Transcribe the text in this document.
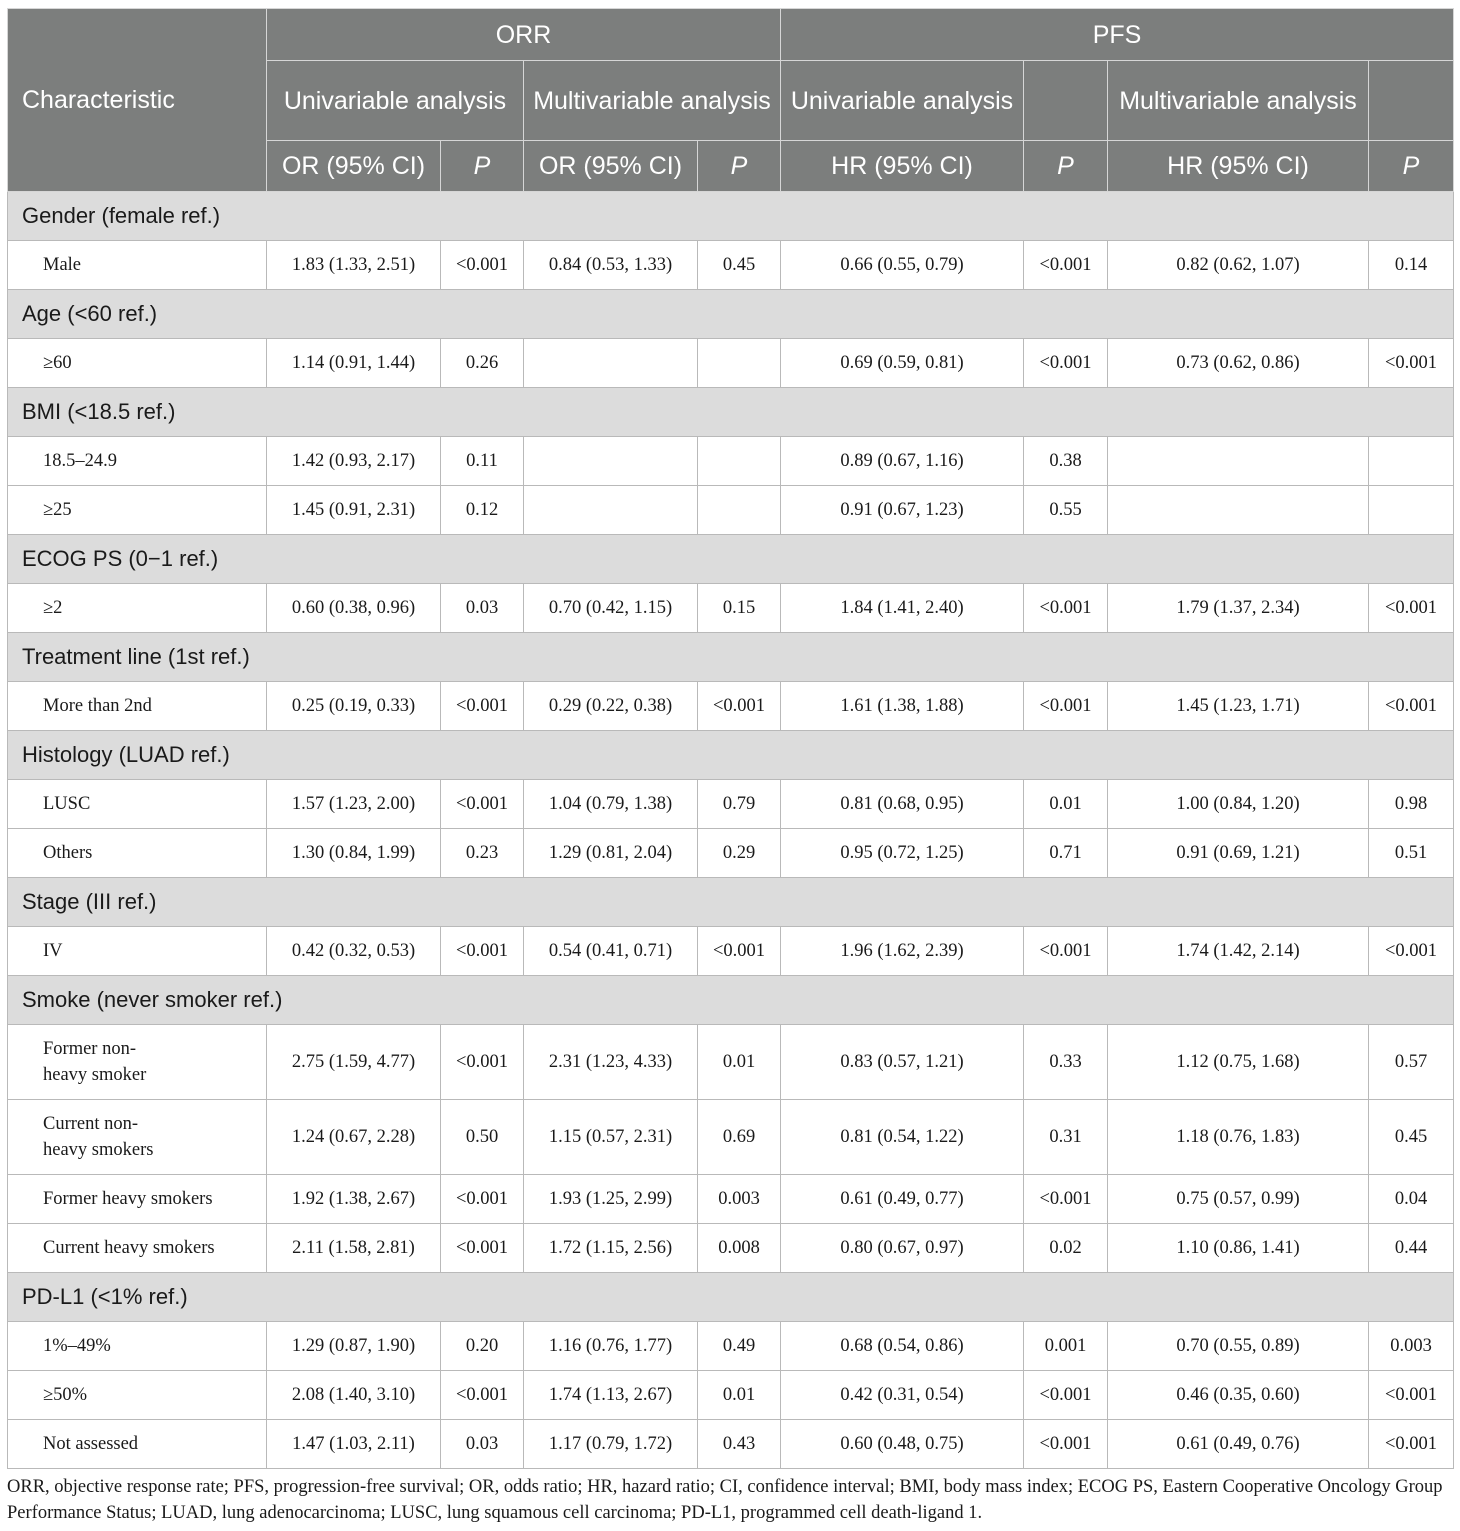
Characteristic	ORR				PFS			
	Univariable analysis		Multivariable analysis		Univariable analysis		Multivariable analysis	
	OR (95% CI)	P	OR (95% CI)	P	HR (95% CI)	P	HR (95% CI)	P
Gender (female ref.)								

Male	1.83 (1.33, 2.51)	<0.001	0.84 (0.53, 1.33)	0.45	0.66 (0.55, 0.79)	<0.001	0.82 (0.62, 1.07)	0.14
Age (<60 ref.)								

≥60	1.14 (0.91, 1.44)	0.26			0.69 (0.59, 0.81)	<0.001	0.73 (0.62, 0.86)	<0.001
BMI (<18.5 ref.)								

18.5–24.9	1.42 (0.93, 2.17)	0.11			0.89 (0.67, 1.16)	0.38		

≥25	1.45 (0.91, 2.31)	0.12			0.91 (0.67, 1.23)	0.55		
ECOG PS (0−1 ref.)								

≥2	0.60 (0.38, 0.96)	0.03	0.70 (0.42, 1.15)	0.15	1.84 (1.41, 2.40)	<0.001	1.79 (1.37, 2.34)	<0.001
Treatment line (1st ref.)								

More than 2nd	0.25 (0.19, 0.33)	<0.001	0.29 (0.22, 0.38)	<0.001	1.61 (1.38, 1.88)	<0.001	1.45 (1.23, 1.71)	<0.001
Histology (LUAD ref.)								

LUSC	1.57 (1.23, 2.00)	<0.001	1.04 (0.79, 1.38)	0.79	0.81 (0.68, 0.95)	0.01	1.00 (0.84, 1.20)	0.98

Others	1.30 (0.84, 1.99)	0.23	1.29 (0.81, 2.04)	0.29	0.95 (0.72, 1.25)	0.71	0.91 (0.69, 1.21)	0.51
Stage (III ref.)								

IV	0.42 (0.32, 0.53)	<0.001	0.54 (0.41, 0.71)	<0.001	1.96 (1.62, 2.39)	<0.001	1.74 (1.42, 2.14)	<0.001
Smoke (never smoker ref.)								

Former non-
heavy smoker	2.75 (1.59, 4.77)	<0.001	2.31 (1.23, 4.33)	0.01	0.83 (0.57, 1.21)	0.33	1.12 (0.75, 1.68)	0.57

Current non-
heavy smokers	1.24 (0.67, 2.28)	0.50	1.15 (0.57, 2.31)	0.69	0.81 (0.54, 1.22)	0.31	1.18 (0.76, 1.83)	0.45

Former heavy smokers	1.92 (1.38, 2.67)	<0.001	1.93 (1.25, 2.99)	0.003	0.61 (0.49, 0.77)	<0.001	0.75 (0.57, 0.99)	0.04

Current heavy smokers	2.11 (1.58, 2.81)	<0.001	1.72 (1.15, 2.56)	0.008	0.80 (0.67, 0.97)	0.02	1.10 (0.86, 1.41)	0.44
PD-L1 (<1% ref.)								

1%–49%	1.29 (0.87, 1.90)	0.20	1.16 (0.76, 1.77)	0.49	0.68 (0.54, 0.86)	0.001	0.70 (0.55, 0.89)	0.003

≥50%	2.08 (1.40, 3.10)	<0.001	1.74 (1.13, 2.67)	0.01	0.42 (0.31, 0.54)	<0.001	0.46 (0.35, 0.60)	<0.001

Not assessed	1.47 (1.03, 2.11)	0.03	1.17 (0.79, 1.72)	0.43	0.60 (0.48, 0.75)	<0.001	0.61 (0.49, 0.76)	<0.001
ORR, objective response rate; PFS, progression-free survival; OR, odds ratio; HR, hazard ratio; CI, confidence interval; BMI, body mass index; ECOG PS, Eastern Cooperative Oncology Group Performance Status; LUAD, lung adenocarcinoma; LUSC, lung squamous cell carcinoma; PD-L1, programmed cell death-ligand 1.
